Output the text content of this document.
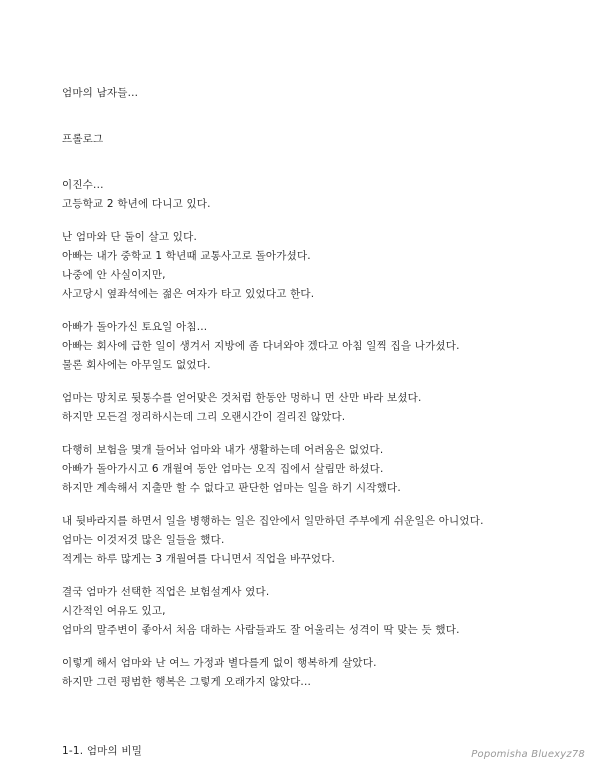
엄마의 남자들...
프롤로그
이진수...
고등학교 2 학년에 다니고 있다.
난 엄마와 단 둘이 살고 있다.
아빠는 내가 중학교 1 학년때 교통사고로 돌아가셨다.
나중에 안 사실이지만,
사고당시 옆좌석에는 젊은 여자가 타고 있었다고 한다.
아빠가 돌아가신 토요일 아침...
아빠는 회사에 급한 일이 생겨서 지방에 좀 다녀와야 겠다고 아침 일찍 집을 나가셨다.
물론 회사에는 아무일도 없었다.
엄마는 망치로 뒷통수를 얻어맞은 것처럼 한동안 멍하니 먼 산만 바라 보셨다.
하지만 모든걸 정리하시는데 그리 오랜시간이 걸리진 않았다.
다행히 보험을 몇개 들어놔 엄마와 내가 생활하는데 어려움은 없었다.
아빠가 돌아가시고 6 개월여 동안 엄마는 오직 집에서 살림만 하셨다.
하지만 계속해서 지출만 할 수 없다고 판단한 엄마는 일을 하기 시작했다.
내 뒷바라지를 하면서 일을 병행하는 일은 집안에서 일만하던 주부에게 쉬운일은 아니었다.
엄마는 이것저것 많은 일들을 했다.
적게는 하루 많게는 3 개월여를 다니면서 직업을 바꾸었다.
결국 엄마가 선택한 직업은 보험설계사 였다.
시간적인 여유도 있고,
엄마의 말주변이 좋아서 처음 대하는 사람들과도 잘 어울리는 성격이 딱 맞는 듯 했다.
이렇게 해서 엄마와 난 여느 가정과 별다를게 없이 행복하게 살았다.
하지만 그런 평범한 행복은 그렇게 오래가지 않았다...
1-1. 엄마의 비밀	Popomisha Bluexyz78
